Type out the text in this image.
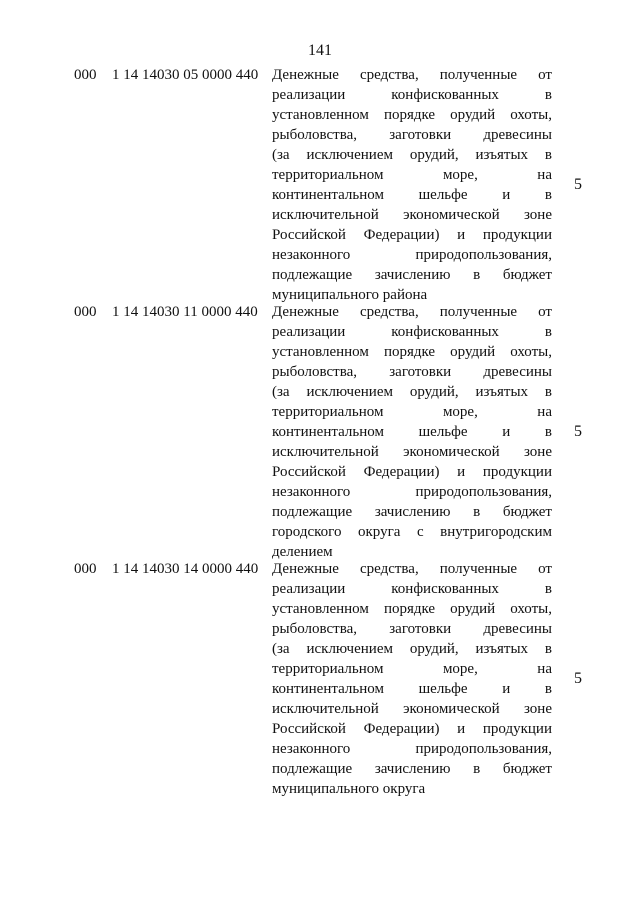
141
000 1 14 14030 05 0000 440 Денежные средства, полученные от
реализации конфискованных в
установленном порядке орудий охоты,
рыболовства, заготовки древесины
(за исключением орудий, изъятых в
территориальном море, на
континентальном шельфе и в
исключительной экономической зоне
Российской Федерации) и продукции
незаконного природопользования,
подлежащие зачислению в бюджет
муниципального района
5
000 1 14 14030 11 0000 440 Денежные средства, полученные от
реализации конфискованных в
установленном порядке орудий охоты,
рыболовства, заготовки древесины
(за исключением орудий, изъятых в
территориальном море, на
континентальном шельфе и в
исключительной экономической зоне
Российской Федерации) и продукции
незаконного природопользования,
подлежащие зачислению в бюджет
городского округа с внутригородским
делением
5
000 1 14 14030 14 0000 440 Денежные средства, полученные от
реализации конфискованных в
установленном порядке орудий охоты,
рыболовства, заготовки древесины
(за исключением орудий, изъятых в
территориальном море, на
континентальном шельфе и в
исключительной экономической зоне
Российской Федерации) и продукции
незаконного природопользования,
подлежащие зачислению в бюджет
муниципального округа
5
